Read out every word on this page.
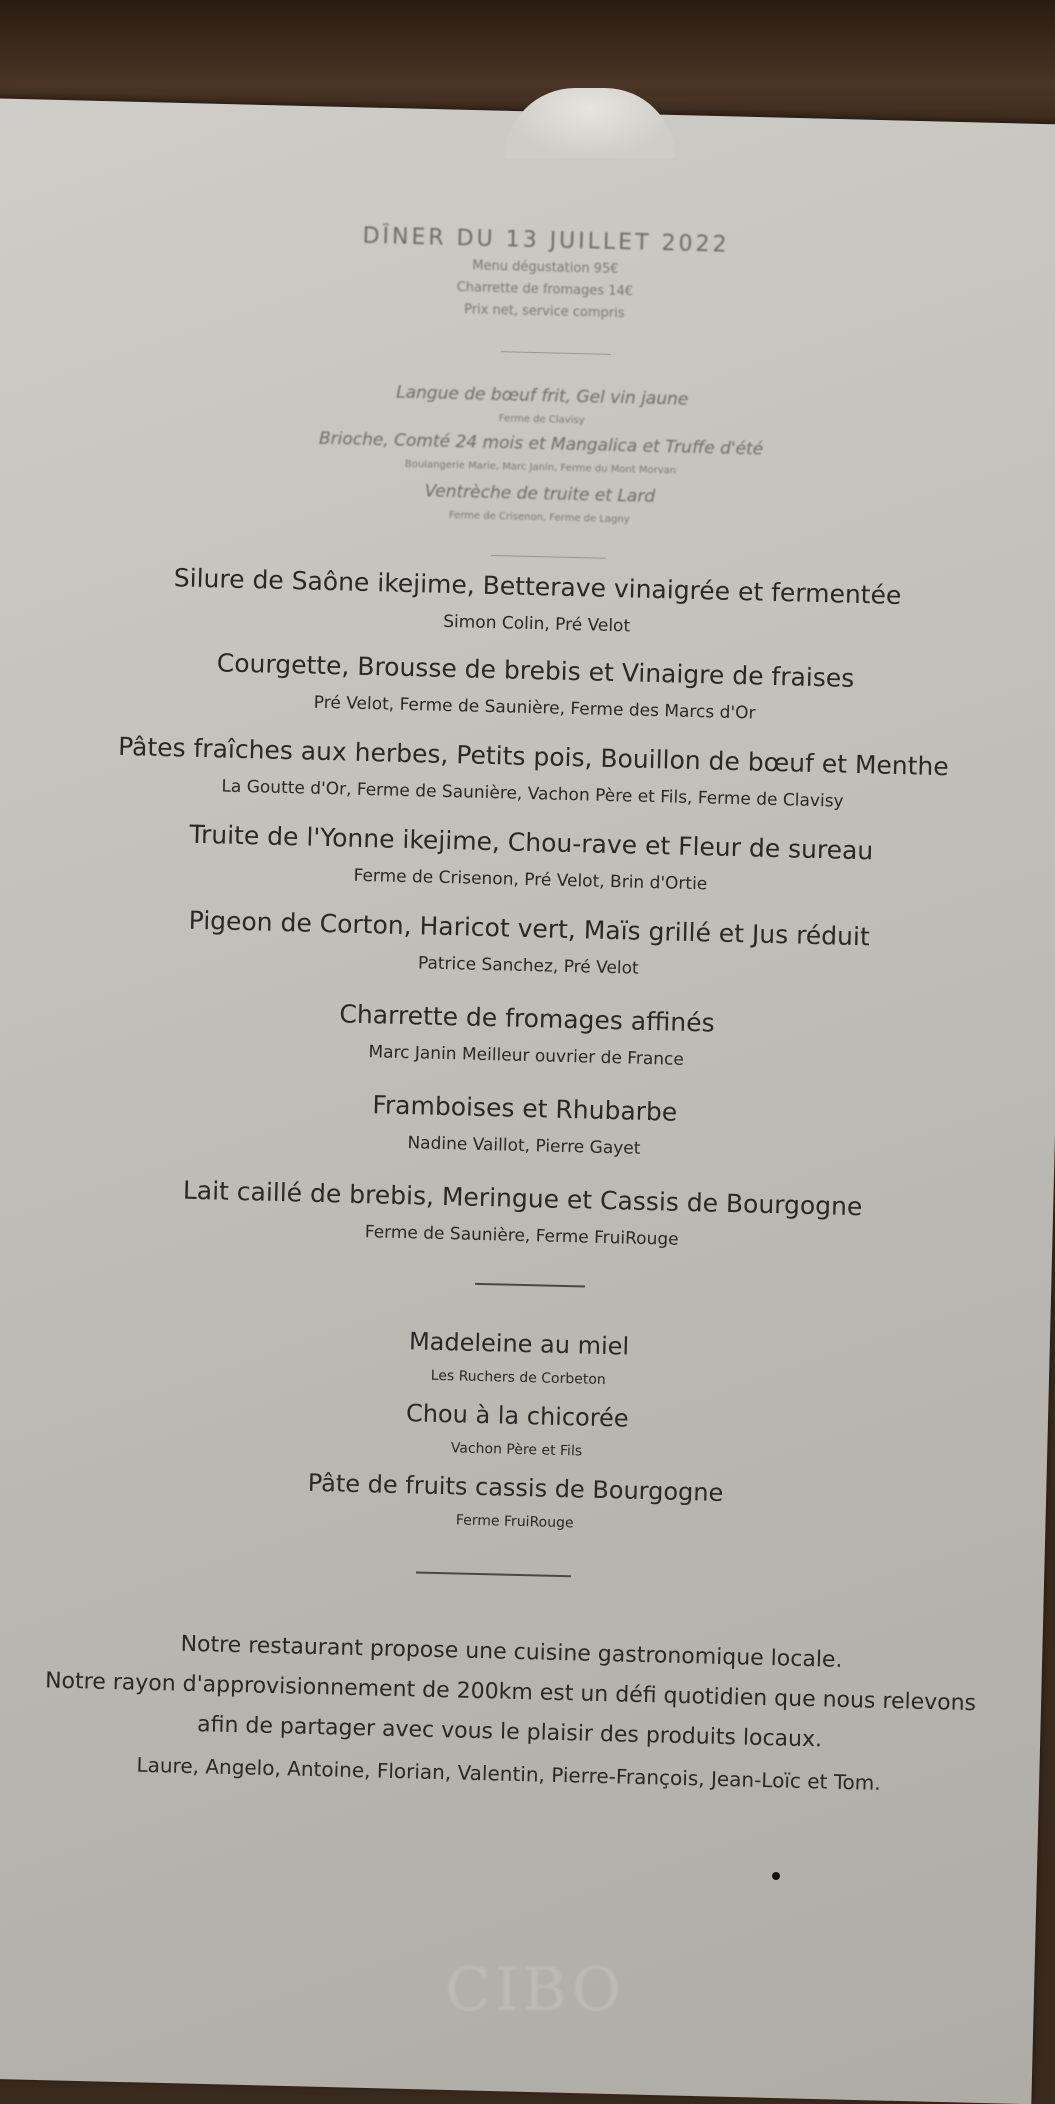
DÎNER DU 13 JUILLET 2022
Menu dégustation 95€
Charrette de fromages 14€
Prix net, service compris
Langue de bœuf frit, Gel vin jaune
Ferme de Clavisy
Brioche, Comté 24 mois et Mangalica et Truffe d'été
Boulangerie Marie, Marc Janin, Ferme du Mont Morvan
Ventrèche de truite et Lard
Ferme de Crisenon, Ferme de Lagny
Silure de Saône ikejime, Betterave vinaigrée et fermentée
Simon Colin, Pré Velot
Courgette, Brousse de brebis et Vinaigre de fraises
Pré Velot, Ferme de Saunière, Ferme des Marcs d'Or
Pâtes fraîches aux herbes, Petits pois, Bouillon de bœuf et Menthe
La Goutte d'Or, Ferme de Saunière, Vachon Père et Fils, Ferme de Clavisy
Truite de l'Yonne ikejime, Chou-rave et Fleur de sureau
Ferme de Crisenon, Pré Velot, Brin d'Ortie
Pigeon de Corton, Haricot vert, Maïs grillé et Jus réduit
Patrice Sanchez, Pré Velot
Charrette de fromages affinés
Marc Janin Meilleur ouvrier de France
Framboises et Rhubarbe
Nadine Vaillot, Pierre Gayet
Lait caillé de brebis, Meringue et Cassis de Bourgogne
Ferme de Saunière, Ferme FruiRouge
Madeleine au miel
Les Ruchers de Corbeton
Chou à la chicorée
Vachon Père et Fils
Pâte de fruits cassis de Bourgogne
Ferme FruiRouge
Notre restaurant propose une cuisine gastronomique locale.
Notre rayon d'approvisionnement de 200km est un défi quotidien que nous relevons
afin de partager avec vous le plaisir des produits locaux.
Laure, Angelo, Antoine, Florian, Valentin, Pierre-François, Jean-Loïc et Tom.
CIBO
